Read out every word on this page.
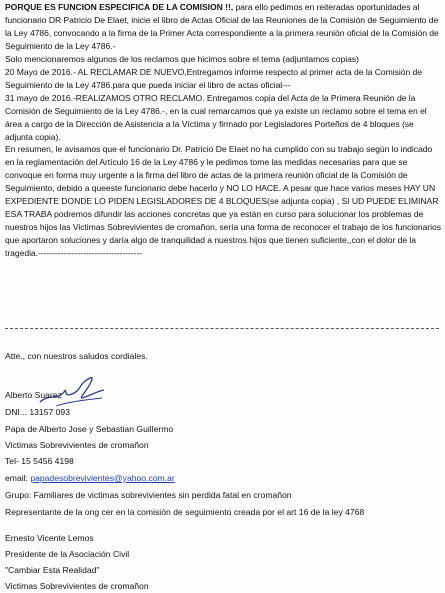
PORQUE ES FUNCION ESPECIFICA DE LA COMISION !!, para ello pedimos en reiteradas oportunidades al funcionario DR Patricio De Elaet, inicie el libro de Actas Oficial de las Reuniones de la Comisión de Seguimiento de la Ley 4786, convocando a la firma de la Primer Acta correspondiente a la primera reunión oficial de la Comisión de Seguimiento de la Ley 4786.-

Solo mencionaremos algunos de los reclamos que hicimos sobre el tema (adjuntamos copias)

20 Mayo de 2016.- AL RECLAMAR DE NUEVO,Entregamos informe respecto al primer acta de la Comisión de Seguimiento de la Ley 4786.para que pueda iniciar el libro de actas oficial---

31 mayo de 2016.-REALIZAMOS OTRO RECLAMO. Entregamos copia del Acta de la Primera Reunión de la Comisión de Seguimiento de la Ley 4786.-, en la cual remarcamos que ya existe un reclamo sobre el tema en el área a cargo de la Dirección de Asistencia a la Víctima y firmado por Legisladores Porteños de 4 bloques (se adjunta copia).

En resumen, le avisamos que el funcionario Dr. Patricio De Elaet no ha cumplido con su trabajo según lo indicado en la reglamentación del Artículo 16 de la Ley 4786 y le pedimos tome las medidas necesarias para que se convoque en forma muy urgente a la firma del libro de actas de la primera reunión oficial de la Comisión de Seguimiento, debido a queeste funcionario debe hacerlo y NO LO HACE. A pesar que hace varios meses HAY UN EXPEDIENTE DONDE LO PIDEN LEGISLADORES DE 4 BLOQUES(se adjunta copia) , SI UD PUEDE ELIMINAR ESA TRABA podremos difundir las acciones concretas que ya están en curso para solucionar los problemas de nuestros hijos las Victimas Sobrevivientes de cromañon, sería una forma de reconocer el trabajo de los funcionarios que aportaron soluciones y daría algo de tranquilidad a nuestros hijos que tienen suficiente,,con el dolor de la tragedia.-------------------------------------

Atte., con nuestros saludos cordiales.
Alberto Suarez
DNI... 13157 093
Papa de Alberto Jose y Sebastian Guillermo
Victimas Sobrevivientes de cromañon
Tel- 15 5456 4198
email: papadesobrevivientes@yahoo.com.ar
Grupo: Familiares de victimas sobrevivientes sin perdida fatal en cromañon
Representante de la ong cer en la comisión de seguimiento creada por el art 16 de la ley 4768
Ernesto Vicente Lemos
Presidente de la Asociación Civil
"Cambiar Esta Realidad"
Victimas Sobrevivientes de cromañon
